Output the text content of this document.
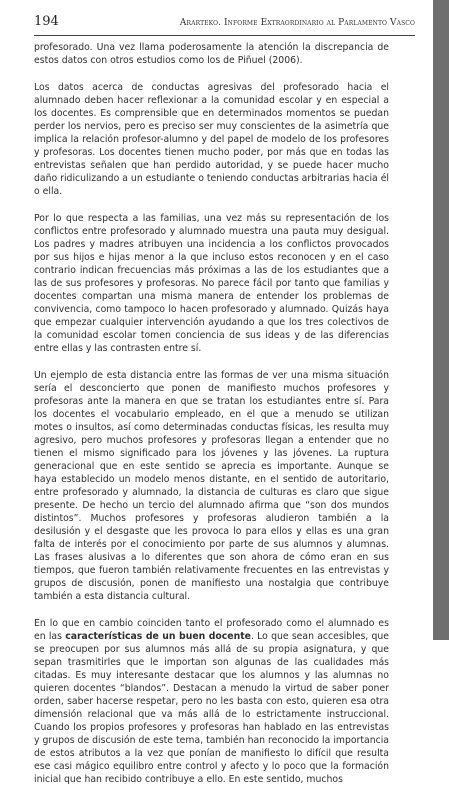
194	Ararteko. Informe Extraordinario al Parlamento Vasco

profesorado. Una vez llama poderosamente la atención la discrepancia de estos datos con otros estudios como los de Piñuel (2006).

Los datos acerca de conductas agresivas del profesorado hacia el alumnado deben hacer reflexionar a la comunidad escolar y en especial a los docentes. Es comprensible que en determinados momentos se puedan perder los nervios, pero es preciso ser muy conscientes de la asimetría que implica la relación profesor-alumno y del papel de modelo de los profesores y profesoras. Los docentes tienen mucho poder, por más que en todas las entrevistas señalen que han perdido autoridad, y se puede hacer mucho daño ridiculizando a un estudiante o teniendo conductas arbitrarias hacia él o ella.

Por lo que respecta a las familias, una vez más su representación de los conflictos entre profesorado y alumnado muestra una pauta muy desigual. Los padres y madres atribuyen una incidencia a los conflictos provocados por sus hijos e hijas menor a la que incluso estos reconocen y en el caso contrario indican frecuencias más próximas a las de los estudiantes que a las de sus profesores y profesoras. No parece fácil por tanto que familias y docentes compartan una misma manera de entender los problemas de convivencia, como tampoco lo hacen profesorado y alumnado. Quizás haya que empezar cualquier intervención ayudando a que los tres colectivos de la comunidad escolar tomen conciencia de sus ideas y de las diferencias entre ellas y las contrasten entre sí.

Un ejemplo de esta distancia entre las formas de ver una misma situación sería el desconcierto que ponen de manifiesto muchos profesores y profesoras ante la manera en que se tratan los estudiantes entre sí. Para los docentes el vocabulario empleado, en el que a menudo se utilizan motes o insultos, así como determinadas conductas físicas, les resulta muy agresivo, pero muchos profesores y profesoras llegan a entender que no tienen el mismo significado para los jóvenes y las jóvenes. La ruptura generacional que en este sentido se aprecia es importante. Aunque se haya establecido un modelo menos distante, en el sentido de autoritario, entre profesorado y alumnado, la distancia de culturas es claro que sigue presente. De hecho un tercio del alumnado afirma que “son dos mundos distintos”. Muchos profesores y profesoras aludieron también a la desilusión y el desgaste que les provoca lo para ellos y ellas es una gran falta de interés por el conocimiento por parte de sus alumnos y alumnas. Las frases alusivas a lo diferentes que son ahora de cómo eran en sus tiempos, que fueron también relativamente frecuentes en las entrevistas y grupos de discusión, ponen de manifiesto una nostalgia que contribuye también a esta distancia cultural.

En lo que en cambio coinciden tanto el profesorado como el alumnado es en las características de un buen docente. Lo que sean accesibles, que se preocupen por sus alumnos más allá de su propia asignatura, y que sepan trasmitirles que le importan son algunas de las cualidades más citadas. Es muy interesante destacar que los alumnos y las alumnas no quieren docentes “blandos”. Destacan a menudo la virtud de saber poner orden, saber hacerse respetar, pero no les basta con esto, quieren esa otra dimensión relacional que va más allá de lo estrictamente instruccional. Cuando los propios profesores y profesoras han hablado en las entrevistas y grupos de discusión de este tema, también han reconocido la importancia de estos atributos a la vez que ponían de manifiesto lo difícil que resulta ese casi mágico equilibro entre control y afecto y lo poco que la formación inicial que han recibido contribuye a ello. En este sentido, muchos
